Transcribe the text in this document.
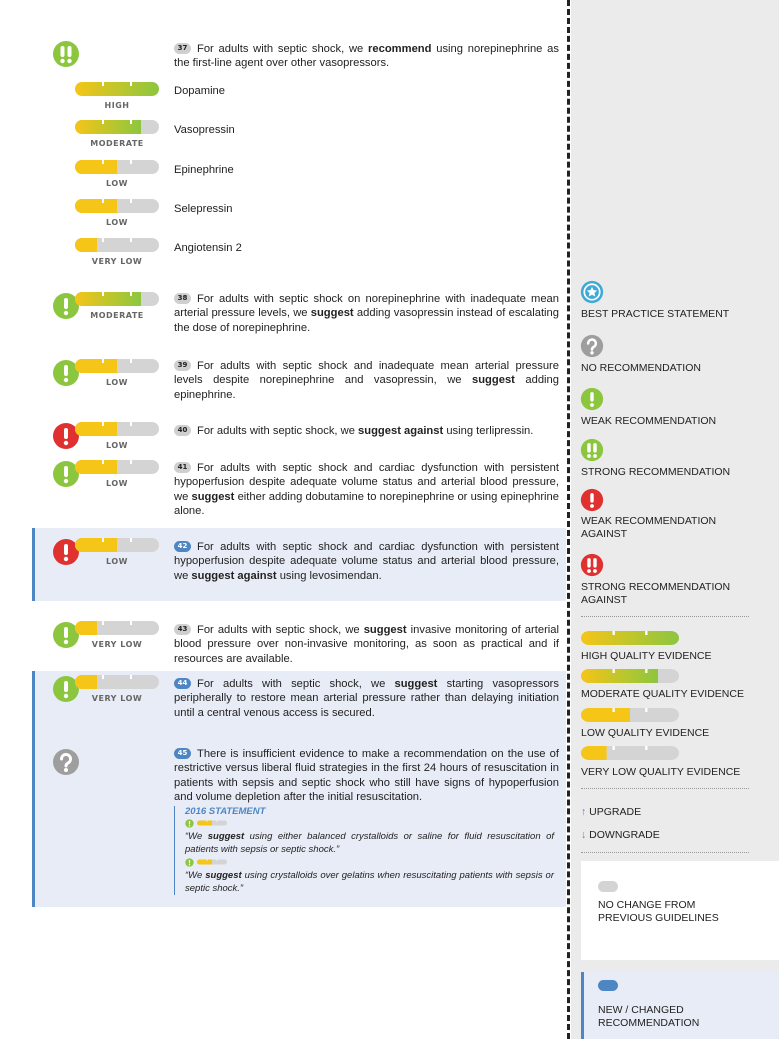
37 For adults with septic shock, we recommend using norepinephrine as the first-line agent over other vasopressors.
HIGH
Dopamine
MODERATE
Vasopressin
LOW
Epinephrine
LOW
Selepressin
VERY LOW
Angiotensin 2
MODERATE
38 For adults with septic shock on norepinephrine with inadequate mean arterial pressure levels, we suggest adding vasopressin instead of escalating the dose of norepinephrine.
LOW
39 For adults with septic shock and inadequate mean arterial pressure levels despite norepinephrine and vasopressin, we suggest adding epinephrine.
LOW
40 For adults with septic shock, we suggest against using terlipressin.
LOW
41 For adults with septic shock and cardiac dysfunction with persistent hypoperfusion despite adequate volume status and arterial blood pressure, we suggest either adding dobutamine to norepinephrine or using epinephrine alone.
LOW
42 For adults with septic shock and cardiac dysfunction with persistent hypoperfusion despite adequate volume status and arterial blood pressure, we suggest against using levosimendan.
VERY LOW
43 For adults with septic shock, we suggest invasive monitoring of arterial blood pressure over non-invasive monitoring, as soon as practical and if resources are available.
VERY LOW
44 For adults with septic shock, we suggest starting vasopressors peripherally to restore mean arterial pressure rather than delaying initiation until a central venous access is secured.
45 There is insufficient evidence to make a recommendation on the use of restrictive versus liberal fluid strategies in the first 24 hours of resuscitation in patients with sepsis and septic shock who still have signs of hypoperfusion and volume depletion after the initial resuscitation.
2016 STATEMENT
“We suggest using either balanced crystalloids or saline for fluid resuscitation of patients with sepsis or septic shock.”
“We suggest using crystalloids over gelatins when resuscitating patients with sepsis or septic shock.”
BEST PRACTICE STATEMENT
NO RECOMMENDATION
WEAK RECOMMENDATION
STRONG RECOMMENDATION
WEAK RECOMMENDATION AGAINST
STRONG RECOMMENDATION AGAINST
HIGH QUALITY EVIDENCE
MODERATE QUALITY EVIDENCE
LOW QUALITY EVIDENCE
VERY LOW QUALITY EVIDENCE
↑ UPGRADE
↓ DOWNGRADE
NO CHANGE FROM PREVIOUS GUIDELINES
NEW / CHANGED RECOMMENDATION
